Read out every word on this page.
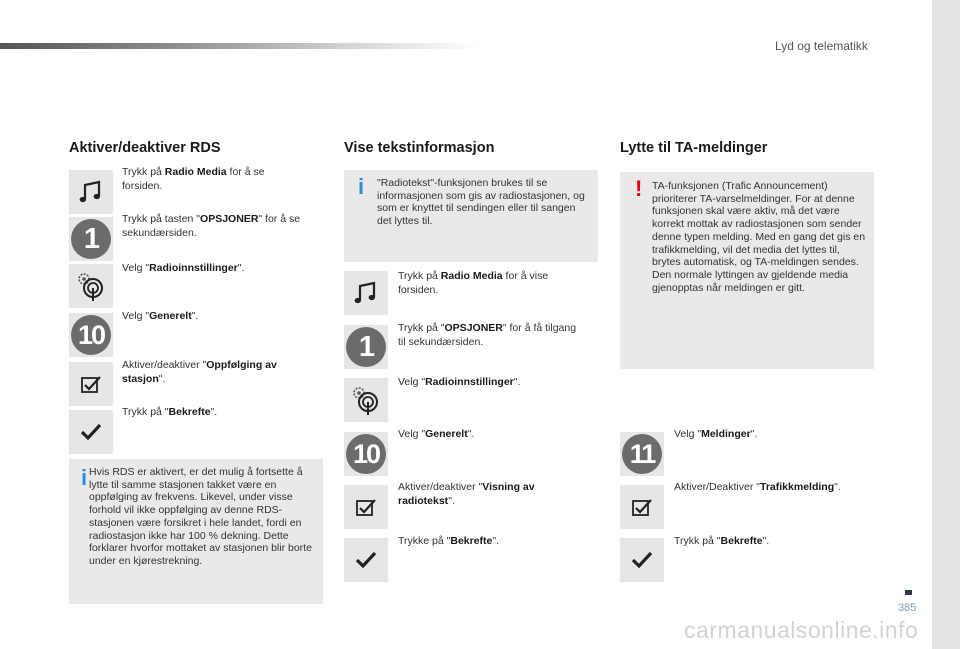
Lyd og telematikk
Aktiver/deaktiver RDS
Trykk på Radio Media for å se forsiden.
1
Trykk på tasten "OPSJONER" for å se sekundærsiden.
Velg "Radioinnstillinger".
10
Velg "Generelt".
Aktiver/deaktiver "Oppfølging av stasjon".
Trykk på "Bekrefte".
i Hvis RDS er aktivert, er det mulig å fortsette å lytte til samme stasjonen takket være en oppfølging av frekvens. Likevel, under visse forhold vil ikke oppfølging av denne RDS-stasjonen være forsikret i hele landet, fordi en radiostasjon ikke har 100 % dekning. Dette forklarer hvorfor mottaket av stasjonen blir borte under en kjørestrekning.
Vise tekstinformasjon
i "Radiotekst"-funksjonen brukes til se informasjonen som gis av radiostasjonen, og som er knyttet til sendingen eller til sangen det lyttes til.
Trykk på Radio Media for å vise forsiden.
1
Trykk på "OPSJONER" for å få tilgang til sekundærsiden.
Velg "Radioinnstillinger".
10
Velg "Generelt".
Aktiver/deaktiver "Visning av radiotekst".
Trykke på "Bekrefte".
Lytte til TA-meldinger
! TA-funksjonen (Trafic Announcement) prioriterer TA-varselmeldinger. For at denne funksjonen skal være aktiv, må det være korrekt mottak av radiostasjonen som sender denne typen melding. Med en gang det gis en trafikkmelding, vil det media det lyttes til, brytes automatisk, og TA-meldingen sendes. Den normale lyttingen av gjeldende media gjenopptas når meldingen er gitt.
11
Velg "Meldinger".
Aktiver/Deaktiver "Trafikkmelding".
Trykk på "Bekrefte".
385
carmanualsonline.info
